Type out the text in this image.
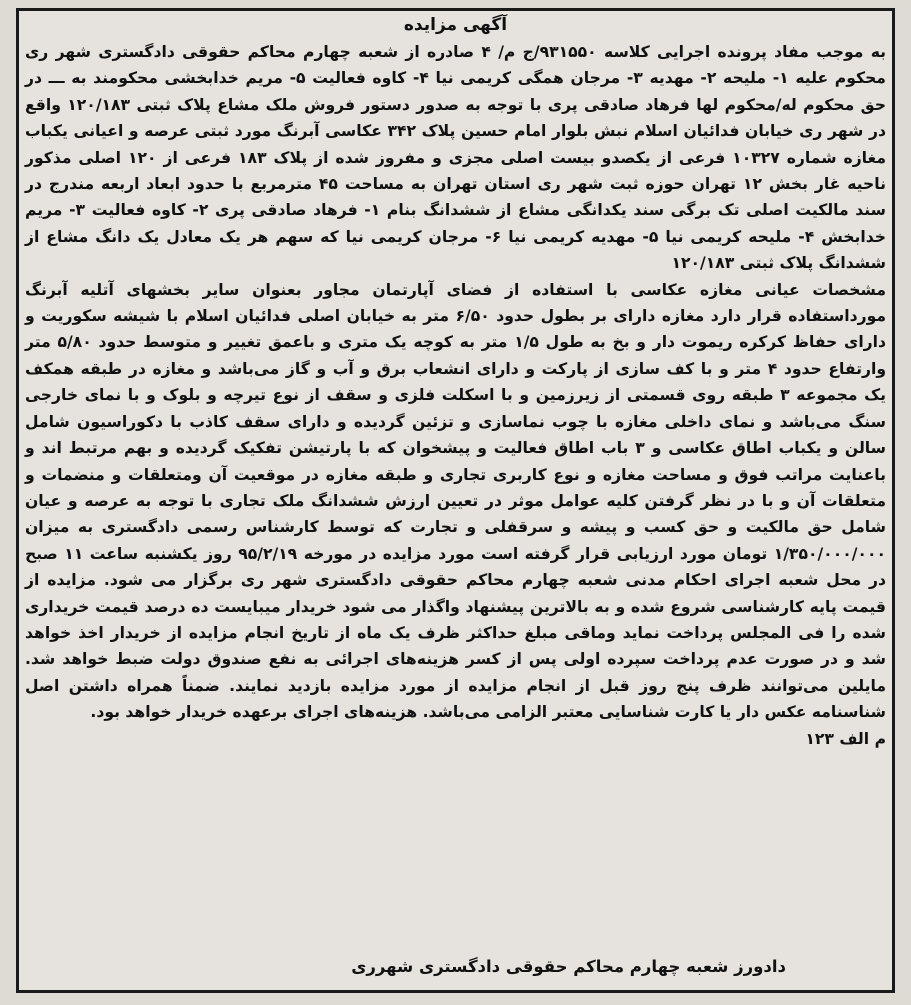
آگهی مزایده

به موجب مفاد پرونده اجرایی کلاسه ۹۳۱۵۵۰/ج م/ ۴ صادره از شعبه چهارم محاکم حقوقی دادگستری شهر ری محکوم علیه ۱- ملیحه ۲- مهدیه ۳- مرجان همگی کریمی نیا ۴- کاوه فعالیت ۵- مریم خدابخشی محکومند به ـــ در حق محکوم له/محکوم لها فرهاد صادقی پری با توجه به صدور دستور فروش ملک مشاع پلاک ثبتی ۱۲۰/۱۸۳ واقع در شهر ری خیابان فدائیان اسلام نبش بلوار امام حسین پلاک ۳۴۲ عکاسی آبرنگ مورد ثبتی عرصه و اعیانی یکباب مغازه شماره ۱۰۳۲۷ فرعی از یکصدو بیست اصلی مجزی و مفروز شده از پلاک ۱۸۳ فرعی از ۱۲۰ اصلی مذکور ناحیه غار بخش ۱۲ تهران حوزه ثبت شهر ری استان تهران به مساحت ۴۵ مترمربع با حدود ابعاد اربعه مندرج در سند مالکیت اصلی تک برگی سند یکدانگی مشاع از ششدانگ بنام ۱- فرهاد صادقی پری ۲- کاوه فعالیت ۳- مریم خدابخش ۴- ملیحه کریمی نیا ۵- مهدیه کریمی نیا ۶- مرجان کریمی نیا که سهم هر یک معادل یک دانگ مشاع از ششدانگ پلاک ثبتی ۱۲۰/۱۸۳

مشخصات عیانی مغازه عکاسی با استفاده از فضای آپارتمان مجاور بعنوان سایر بخشهای آتلیه آبرنگ مورداستفاده قرار دارد مغازه دارای بر بطول حدود ۶/۵۰ متر به خیابان اصلی فدائیان اسلام با شیشه سکوریت و دارای حفاظ کرکره ریموت دار و بخ به طول ۱/۵ متر به کوچه یک متری و باعمق تغییر و متوسط حدود ۵/۸۰ متر وارتفاع حدود ۴ متر و با کف سازی از پارکت و دارای انشعاب برق و آب و گاز می‌باشد و مغازه در طبقه همکف یک مجموعه ۳ طبقه روی قسمتی از زیرزمین و با اسکلت فلزی و سقف از نوع تیرچه و بلوک و با نمای خارجی سنگ می‌باشد و نمای داخلی مغازه با چوب نماسازی و تزئین گردیده و دارای سقف کاذب با دکوراسیون شامل سالن و یکباب اطاق عکاسی و ۳ باب اطاق فعالیت و پیشخوان که با پارتیشن تفکیک گردیده و بهم مرتبط اند و باعنایت مراتب فوق و مساحت مغازه و نوع کاربری تجاری و طبقه مغازه در موقعیت آن ومتعلقات و منضمات و متعلقات آن و با در نظر گرفتن کلیه عوامل موثر در تعیین ارزش ششدانگ ملک تجاری با توجه به عرصه و عیان شامل حق مالکیت و حق کسب و پیشه و سرقفلی و تجارت که توسط کارشناس رسمی دادگستری به میزان ۱/۳۵۰/۰۰۰/۰۰۰ تومان مورد ارزیابی قرار گرفته است مورد مزایده در مورخه ۹۵/۲/۱۹ روز یکشنبه ساعت ۱۱ صبح در محل شعبه اجرای احکام مدنی شعبه چهارم محاکم حقوقی دادگستری شهر ری برگزار می شود. مزایده از قیمت پایه کارشناسی شروع شده و به بالاترین پیشنهاد واگذار می شود خریدار میبایست ده درصد قیمت خریداری شده را فی المجلس پرداخت نماید وماقی مبلغ حداکثر ظرف یک ماه از تاریخ انجام مزایده از خریدار اخذ خواهد شد و در صورت عدم پرداخت سپرده اولی پس از کسر هزینه‌های اجرائی به نفع صندوق دولت ضبط خواهد شد. مایلین می‌توانند ظرف پنج روز قبل از انجام مزایده از مورد مزایده بازدید نمایند. ضمناً همراه داشتن اصل شناسنامه عکس دار یا کارت شناسایی معتبر الزامی می‌باشد. هزینه‌های اجرای برعهده خریدار خواهد بود.

م الف ۱۲۳

دادورز شعبه چهارم محاکم حقوقی دادگستری شهرری
